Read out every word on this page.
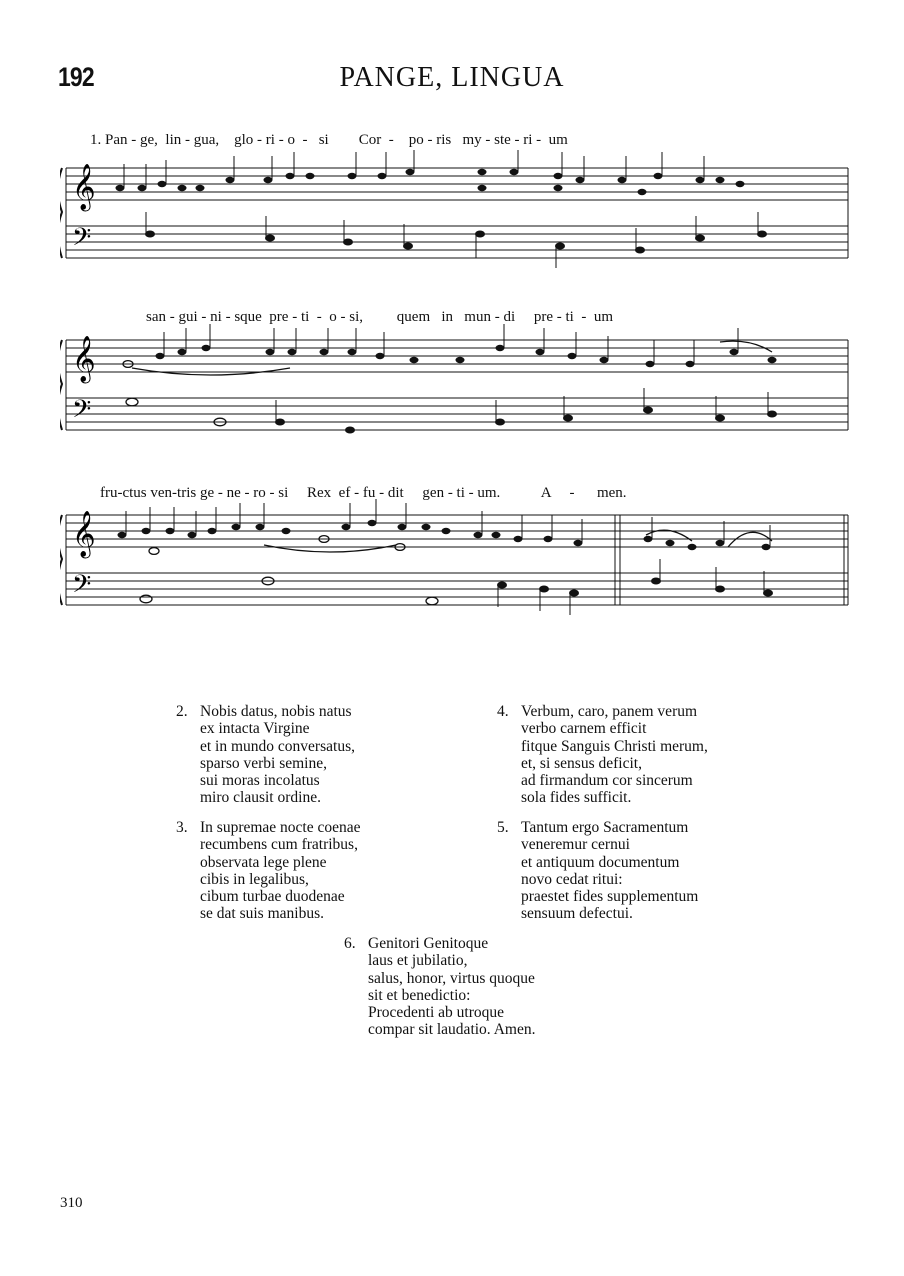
192	PANGE, LINGUA
1. Pan - ge,  lin - gua,    glo - ri - o  -   si        Cor  -    po - ris   my - ste - ri -  um
𝄞
𝄢
san - gui - ni - sque  pre - ti  -  o - si,         quem   in   mun - di     pre - ti  -  um
𝄞
𝄢
fru-ctus ven-tris ge - ne - ro - si     Rex  ef - fu - dit     gen - ti - um.           A     -      men.
𝄞
𝄢
2. Nobis datus, nobis natus
ex intacta Virgine
et in mundo conversatus,
sparso verbi semine,
sui moras incolatus
miro clausit ordine.
3. In supremae nocte coenae
recumbens cum fratribus,
observata lege plene
cibis in legalibus,
cibum turbae duodenae
se dat suis manibus.
4. Verbum, caro, panem verum
verbo carnem efficit
fitque Sanguis Christi merum,
et, si sensus deficit,
ad firmandum cor sincerum
sola fides sufficit.
5. Tantum ergo Sacramentum
veneremur cernui
et antiquum documentum
novo cedat ritui:
praestet fides supplementum
sensuum defectui.
6. Genitori Genitoque
laus et jubilatio,
salus, honor, virtus quoque
sit et benedictio:
Procedenti ab utroque
compar sit laudatio. Amen.
310
